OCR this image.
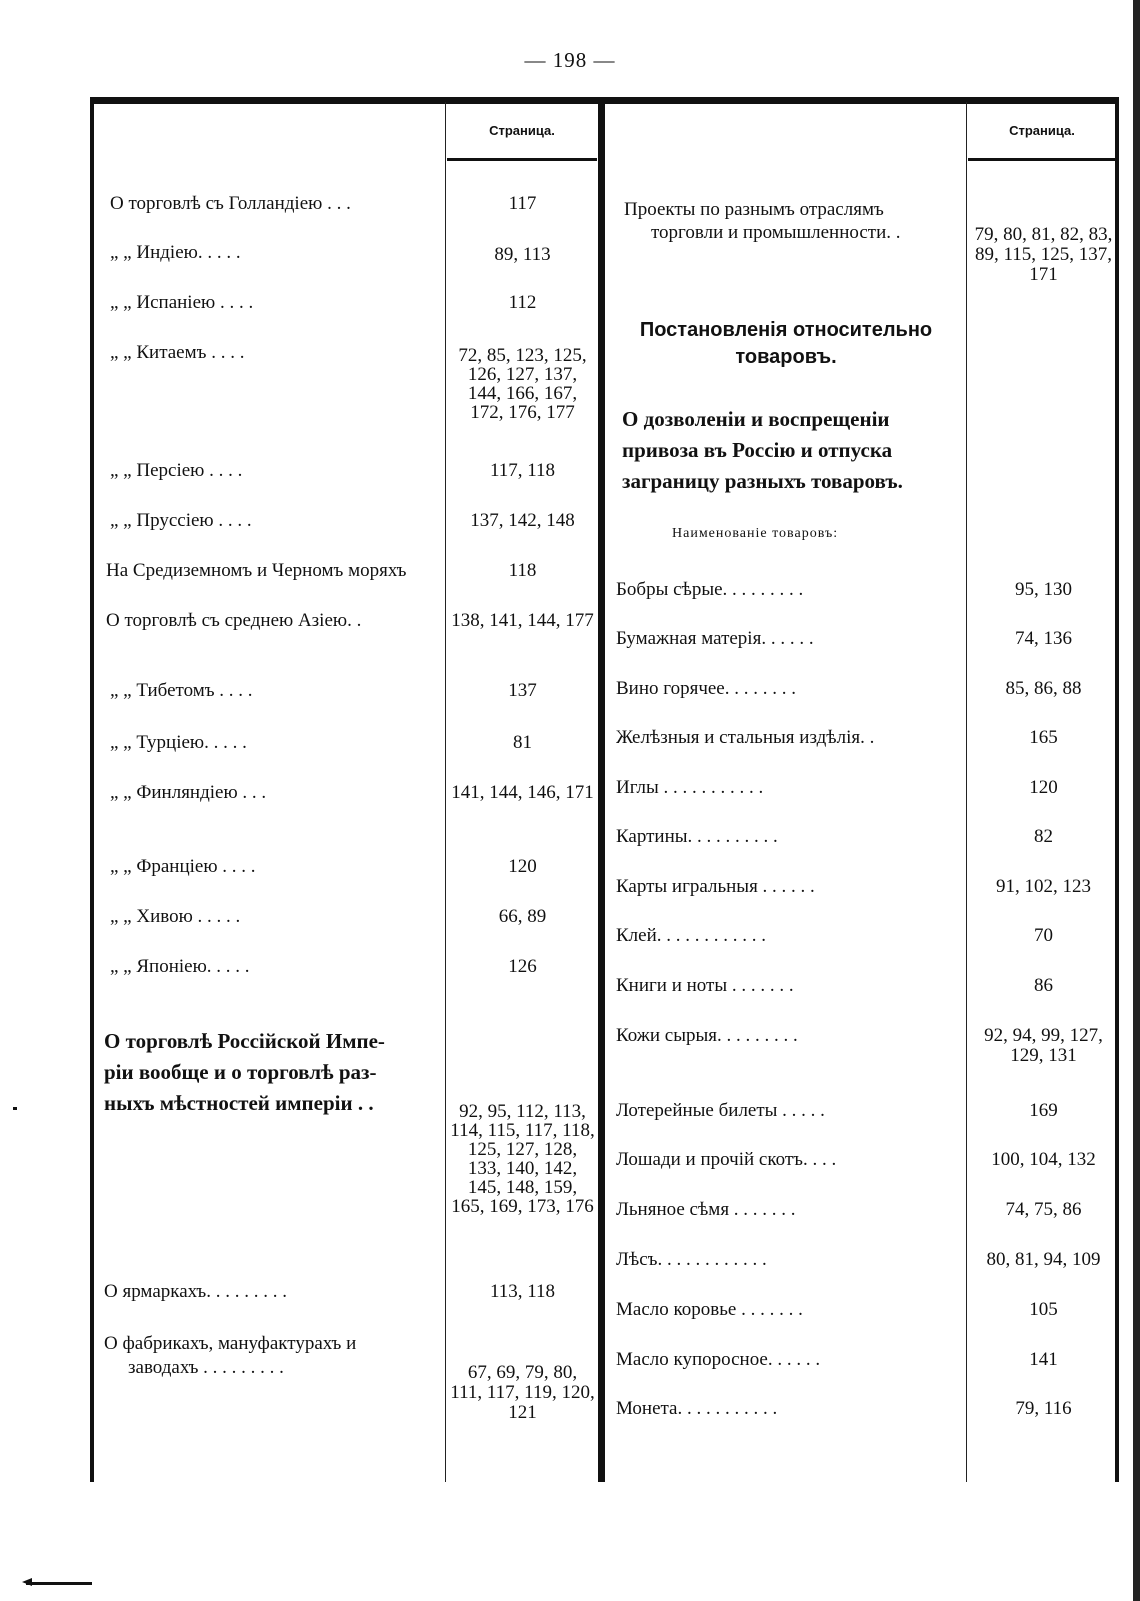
— 198 —
Страница.	Страница.
О торговлѣ съ Голландіею . . .	117
„ „ Индіею. . . . .	89, 113
„ „ Испаніею . . . .	112
„ „ Китаемъ . . . .	72, 85, 123, 125, 126, 127, 137, 144, 166, 167, 172, 176, 177
„ „ Персіею . . . .	117, 118
„ „ Пруссіею . . . .	137, 142, 148
На Средиземномъ и Черномъ моряхъ	118
О торговлѣ съ среднею Азіею. .	138, 141, 144, 177
„ „ Тибетомъ . . . .	137
„ „ Турціею. . . . .	81
„ „ Финляндіею . . .	141, 144, 146, 171
„ „ Франціею . . . .	120
„ „ Хивою . . . . .	66, 89
„ „ Японіею. . . . .	126
О торговлѣ Россійской Импе-
ріи вообще и о торговлѣ раз-
ныхъ мѣстностей имперіи . .	92, 95, 112, 113, 114, 115, 117, 118, 125, 127, 128, 133, 140, 142, 145, 148, 159, 165, 169, 173, 176
О ярмаркахъ. . . . . . . . .	113, 118
О фабрикахъ, мануфактурахъ и
заводахъ . . . . . . . . .	67, 69, 79, 80, 111, 117, 119, 120, 121
Проекты по разнымъ отраслямъ
торговли и промышленности. .	79, 80, 81, 82, 83, 89, 115, 125, 137, 171
Постановленія относительно
товаровъ.
О дозволеніи и воспрещеніи
привоза въ Россію и отпуска
заграницу разныхъ товаровъ.
Наименованіе товаровъ:
Бобры сѣрые. . . . . . . . .	95, 130
Бумажная матерія. . . . . .	74, 136
Вино горячее. . . . . . . .	85, 86, 88
Желѣзныя и стальныя издѣлія. .	165
Иглы . . . . . . . . . . .	120
Картины. . . . . . . . . .	82
Карты игральныя . . . . . .	91, 102, 123
Клей. . . . . . . . . . . .	70
Книги и ноты . . . . . . .	86
Кожи сырыя. . . . . . . . .	92, 94, 99, 127, 129, 131
Лотерейные билеты . . . . .	169
Лошади и прочій скотъ. . . .	100, 104, 132
Льняное сѣмя . . . . . . .	74, 75, 86
Лѣсъ. . . . . . . . . . . .	80, 81, 94, 109
Масло коровье . . . . . . .	105
Масло купоросное. . . . . .	141
Монета. . . . . . . . . . .	79, 116
